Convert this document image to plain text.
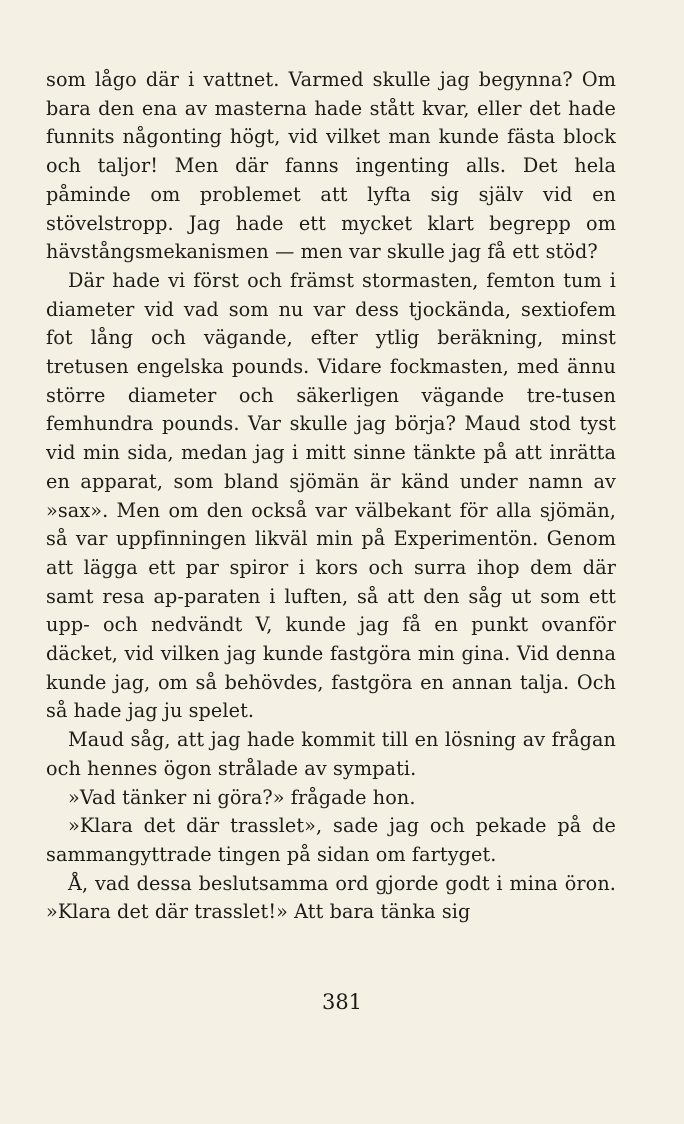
som lågo där i vattnet. Varmed skulle jag begynna? Om bara den ena av masterna hade stått kvar, eller det hade funnits någonting högt, vid vilket man kunde fästa block och taljor! Men där fanns ingenting alls. Det hela påminde om problemet att lyfta sig själv vid en stövelstropp. Jag hade ett mycket klart begrepp om hävstångsmekanismen — men var skulle jag få ett stöd?

Där hade vi först och främst stormasten, femton tum i diameter vid vad som nu var dess tjockända, sextiofem fot lång och vägande, efter ytlig beräkning, minst tretusen engelska pounds. Vidare fockmasten, med ännu större diameter och säkerligen vägande tre-tusen femhundra pounds. Var skulle jag börja? Maud stod tyst vid min sida, medan jag i mitt sinne tänkte på att inrätta en apparat, som bland sjömän är känd under namn av »sax». Men om den också var välbekant för alla sjömän, så var uppfinningen likväl min på Experimentön. Genom att lägga ett par spiror i kors och surra ihop dem där samt resa ap-paraten i luften, så att den såg ut som ett upp- och nedvändt V, kunde jag få en punkt ovanför däcket, vid vilken jag kunde fastgöra min gina. Vid denna kunde jag, om så behövdes, fastgöra en annan talja. Och så hade jag ju spelet.

Maud såg, att jag hade kommit till en lösning av frågan och hennes ögon strålade av sympati.

»Vad tänker ni göra?» frågade hon.

»Klara det där trasslet», sade jag och pekade på de sammangyttrade tingen på sidan om fartyget.

Å, vad dessa beslutsamma ord gjorde godt i mina öron. »Klara det där trasslet!» Att bara tänka sig

381
